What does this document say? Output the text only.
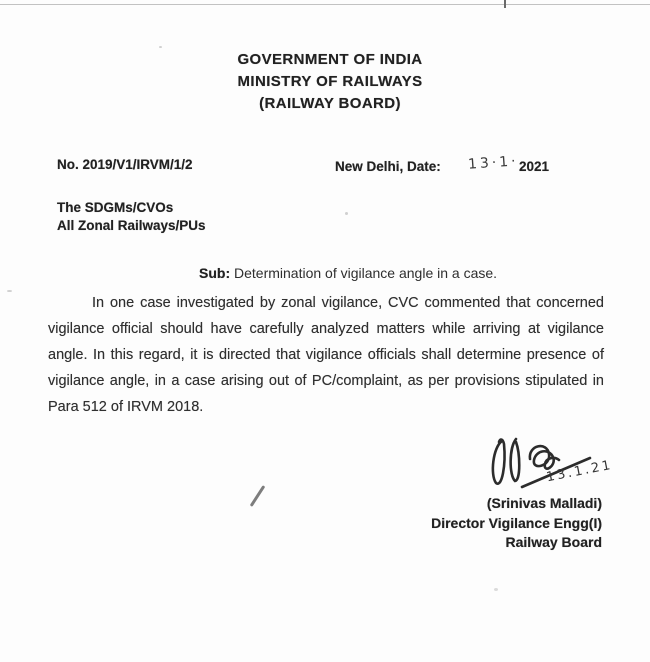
GOVERNMENT OF INDIA
MINISTRY OF RAILWAYS
(RAILWAY BOARD)
No. 2019/V1/IRVM/1/2	New Delhi, Date: 13·1· 2021
The SDGMs/CVOs
All Zonal Railways/PUs
Sub: Determination of vigilance angle in a case.
In one case investigated by zonal vigilance, CVC commented that concerned vigilance official should have carefully analyzed matters while arriving at vigilance angle. In this regard, it is directed that vigilance officials shall determine presence of vigilance angle, in a case arising out of PC/complaint, as per provisions stipulated in Para 512 of IRVM 2018.
13.1.21
(Srinivas Malladi)
Director Vigilance Engg(I)
Railway Board
